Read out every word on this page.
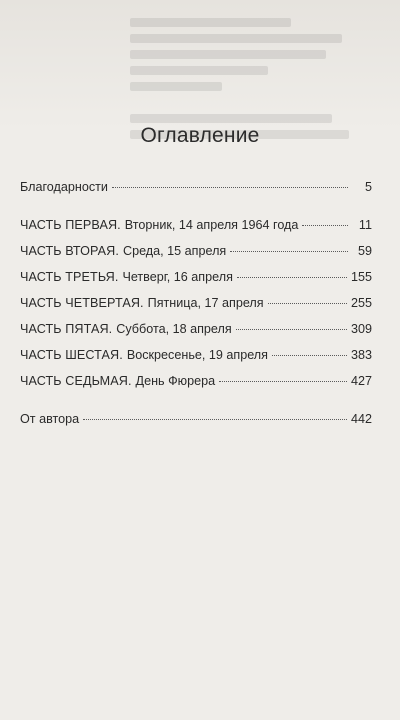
Оглавление
Благодарности	5
ЧАСТЬ ПЕРВАЯ. Вторник, 14 апреля 1964 года	11
ЧАСТЬ ВТОРАЯ. Среда, 15 апреля	59
ЧАСТЬ ТРЕТЬЯ. Четверг, 16 апреля	155
ЧАСТЬ ЧЕТВЕРТАЯ. Пятница, 17 апреля	255
ЧАСТЬ ПЯТАЯ. Суббота, 18 апреля	309
ЧАСТЬ ШЕСТАЯ. Воскресенье, 19 апреля	383
ЧАСТЬ СЕДЬМАЯ. День Фюрера	427
От автора	442
